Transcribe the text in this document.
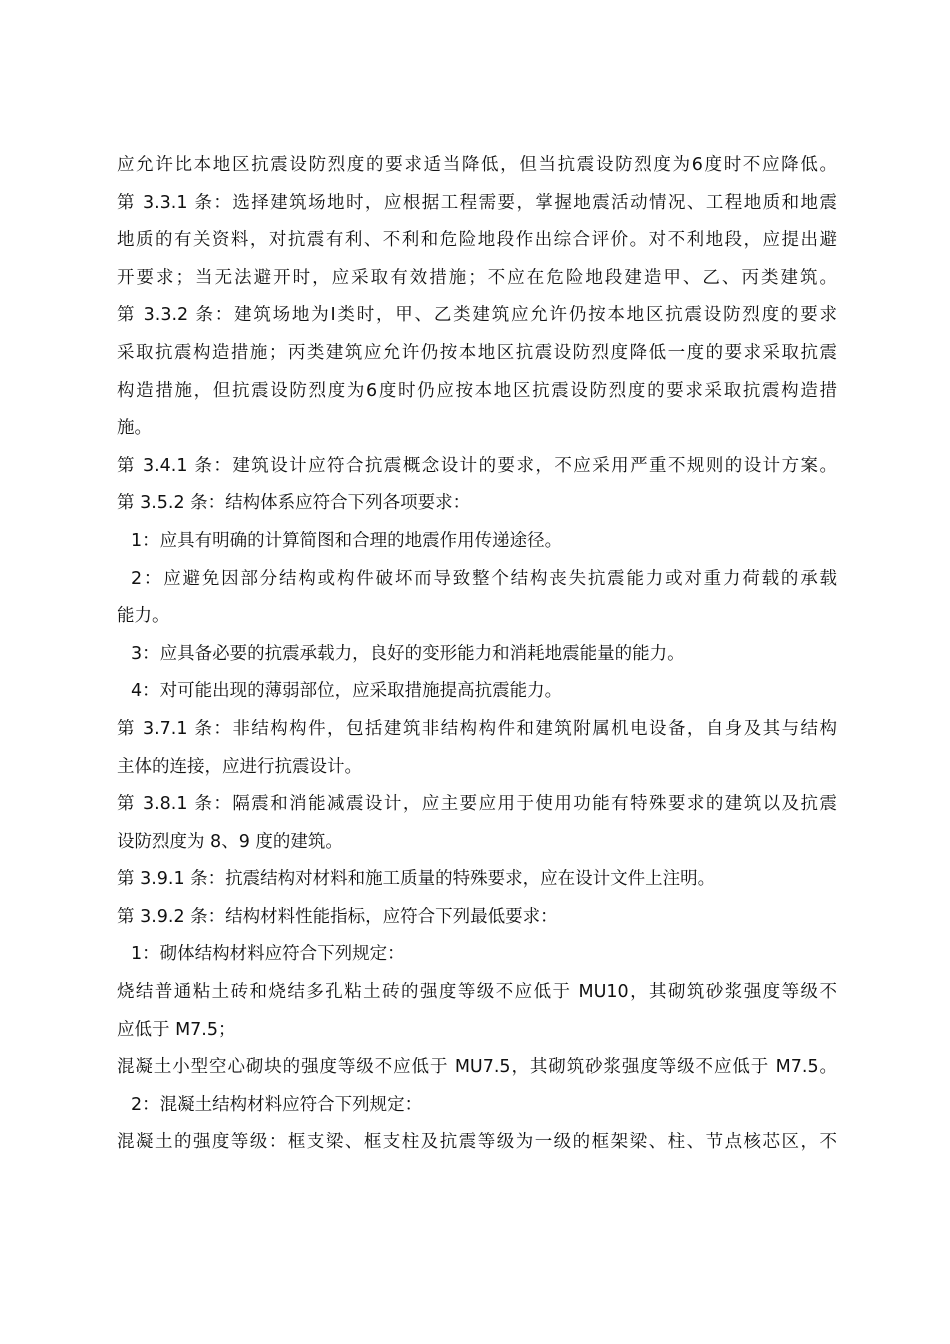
应允许比本地区抗震设防烈度的要求适当降低，但当抗震设防烈度为6度时不应降低。
第 3.3.1 条：选择建筑场地时，应根据工程需要，掌握地震活动情况、工程地质和地震
地质的有关资料，对抗震有利、不利和危险地段作出综合评价。对不利地段，应提出避
开要求；当无法避开时，应采取有效措施；不应在危险地段建造甲、乙、丙类建筑。
第 3.3.2 条：建筑场地为Ⅰ类时，甲、乙类建筑应允许仍按本地区抗震设防烈度的要求
采取抗震构造措施；丙类建筑应允许仍按本地区抗震设防烈度降低一度的要求采取抗震
构造措施，但抗震设防烈度为6度时仍应按本地区抗震设防烈度的要求采取抗震构造措
施。
第 3.4.1 条：建筑设计应符合抗震概念设计的要求，不应采用严重不规则的设计方案。
第 3.5.2 条：结构体系应符合下列各项要求：
1：应具有明确的计算简图和合理的地震作用传递途径。
2：应避免因部分结构或构件破坏而导致整个结构丧失抗震能力或对重力荷载的承载
能力。
3：应具备必要的抗震承载力，良好的变形能力和消耗地震能量的能力。
4：对可能出现的薄弱部位，应采取措施提高抗震能力。
第 3.7.1 条：非结构构件，包括建筑非结构构件和建筑附属机电设备，自身及其与结构
主体的连接，应进行抗震设计。
第 3.8.1 条：隔震和消能减震设计，应主要应用于使用功能有特殊要求的建筑以及抗震
设防烈度为 8、9 度的建筑。
第 3.9.1 条：抗震结构对材料和施工质量的特殊要求，应在设计文件上注明。
第 3.9.2 条：结构材料性能指标，应符合下列最低要求：
1：砌体结构材料应符合下列规定：
烧结普通粘土砖和烧结多孔粘土砖的强度等级不应低于 MU10，其砌筑砂浆强度等级不
应低于 M7.5；
混凝土小型空心砌块的强度等级不应低于 MU7.5，其砌筑砂浆强度等级不应低于 M7.5。
2：混凝土结构材料应符合下列规定：
混凝土的强度等级：框支梁、框支柱及抗震等级为一级的框架梁、柱、节点核芯区，不
